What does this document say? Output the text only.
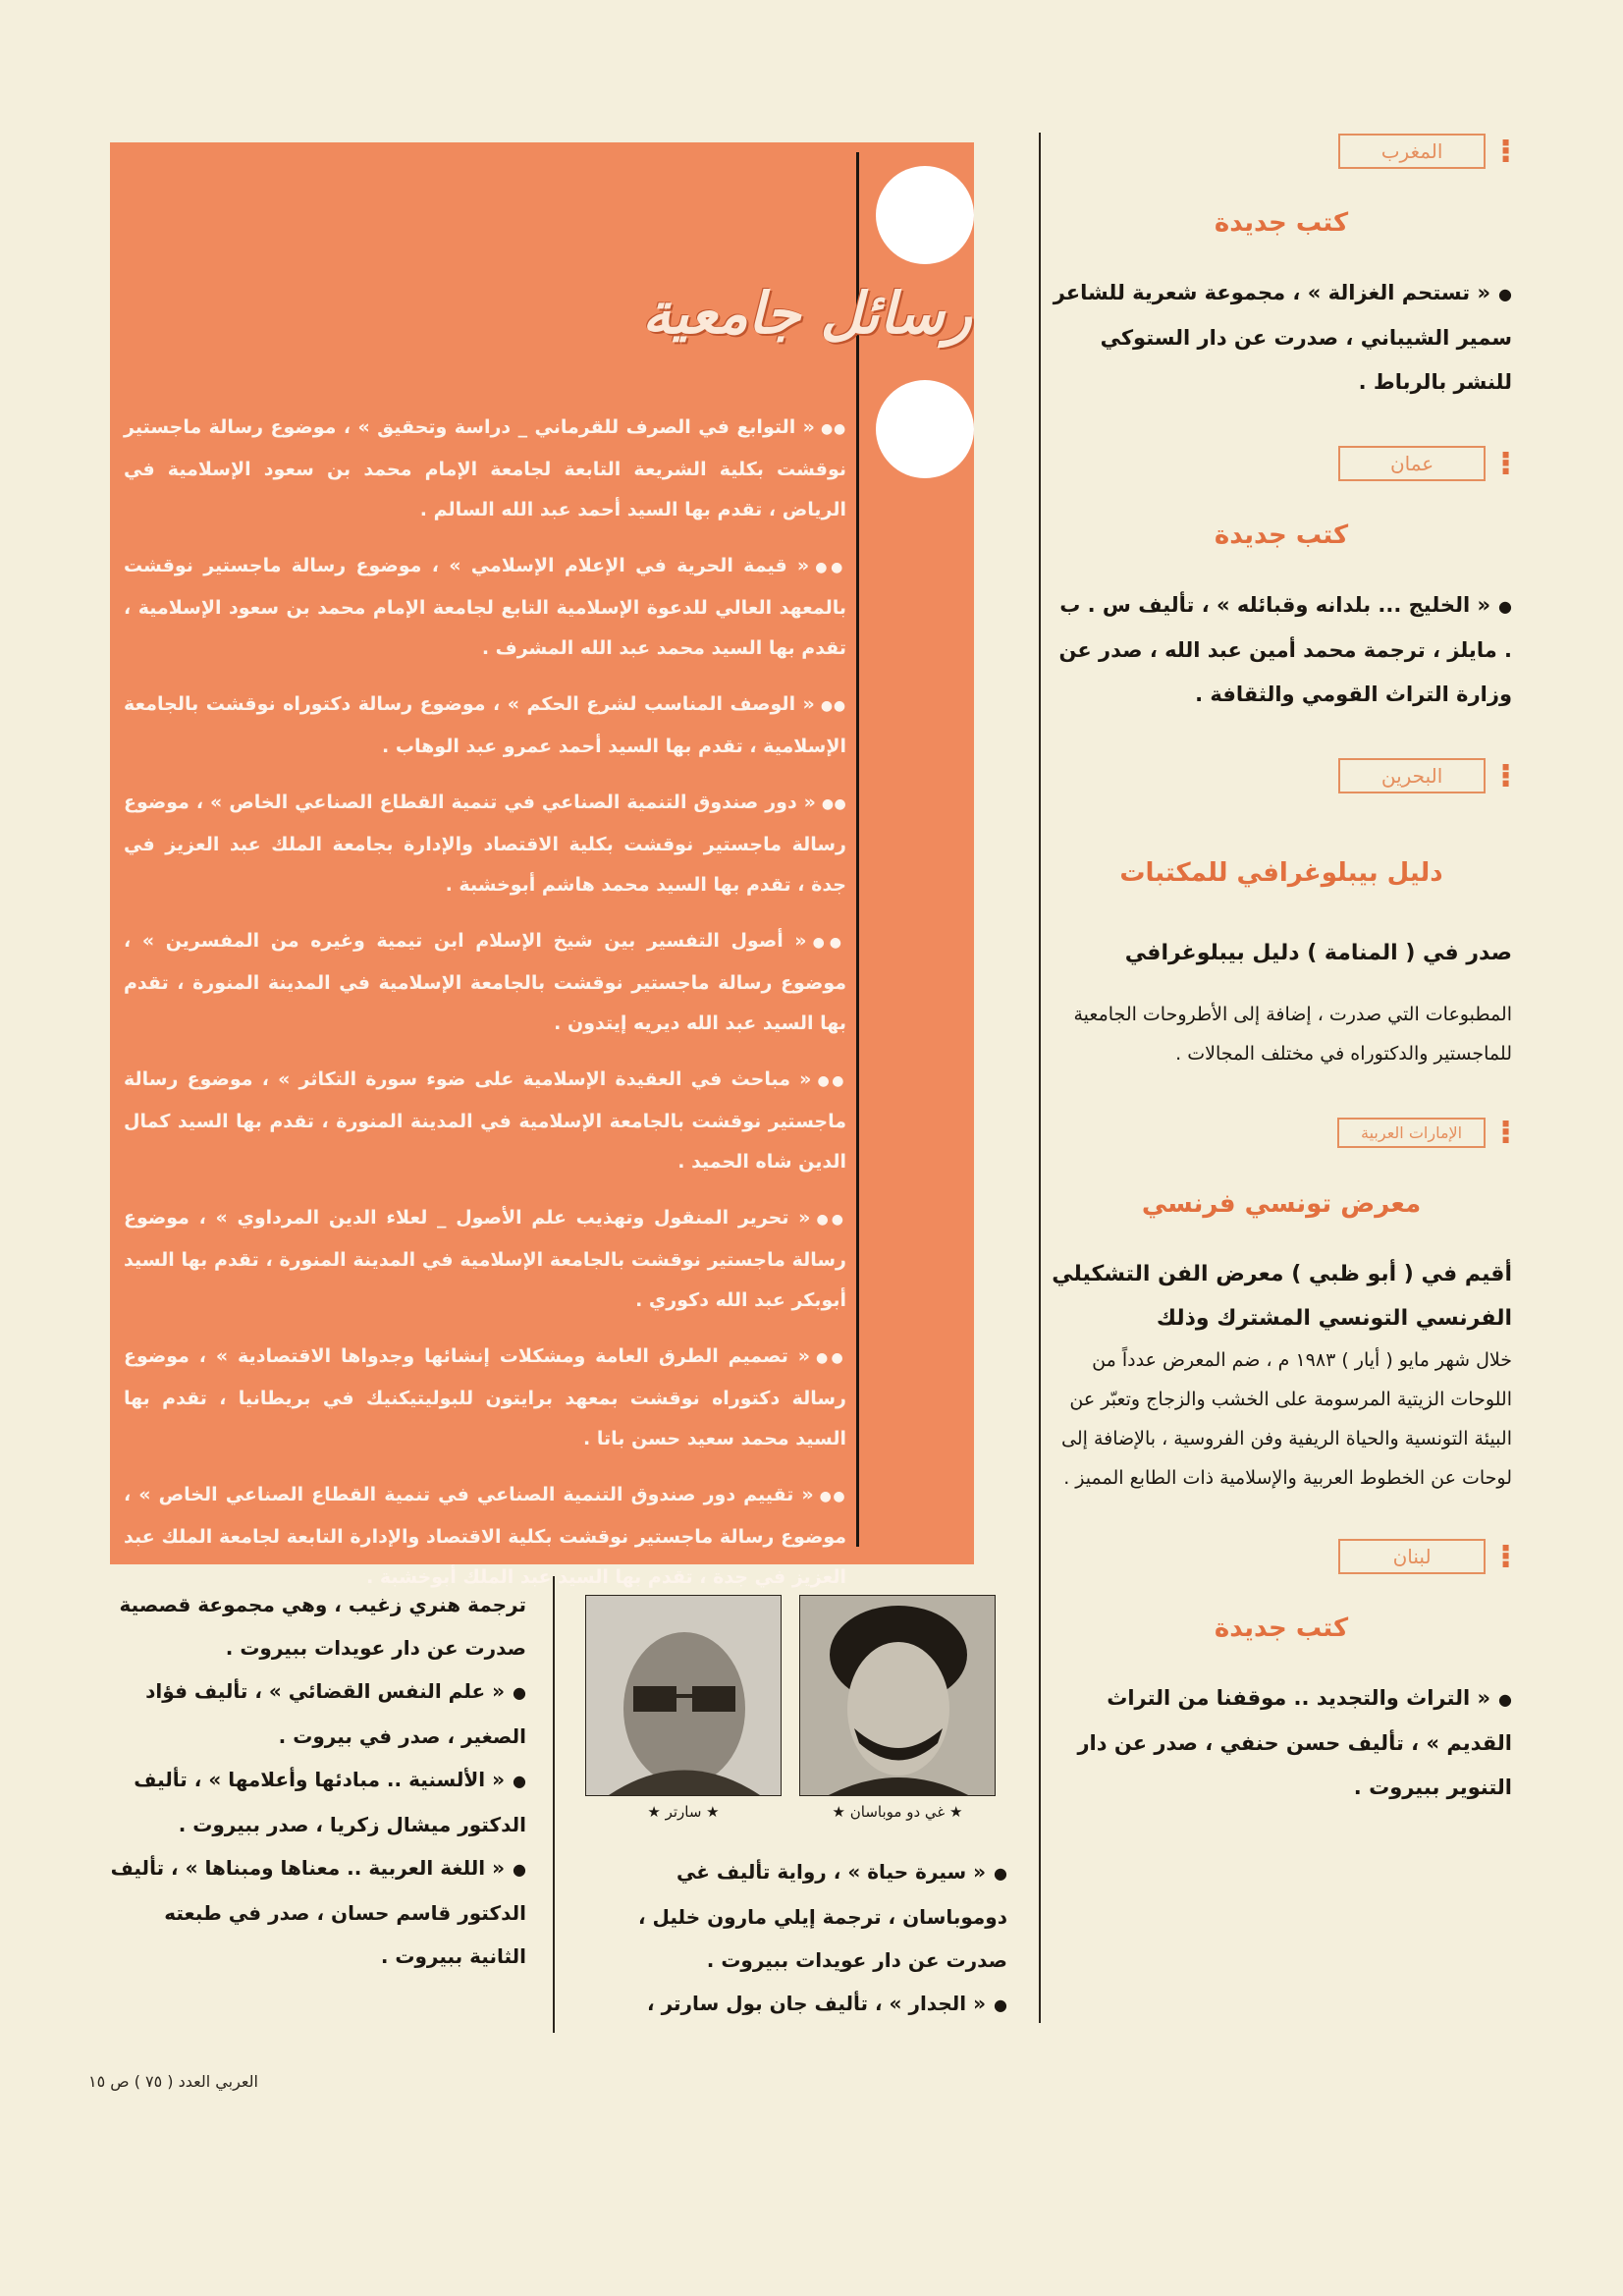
⁝
المغرب
كتب جديدة

●« تستحم الغزالة » ، مجموعة شعرية للشاعر سمير الشيباني ، صدرت عن دار الستوكي للنشر بالرباط .

⁝
عمان
كتب جديدة

●« الخليج ... بلدانه وقبائله » ، تأليف س . ب . مايلز ، ترجمة محمد أمين عبد الله ، صدر عن وزارة التراث القومي والثقافة .

⁝
البحرين
دليل بيبلوغرافي للمكتبات

صدر في ( المنامة ) دليل بيبلوغرافي

المطبوعات التي صدرت ، إضافة إلى الأطروحات الجامعية للماجستير والدكتوراه في مختلف المجالات .

⁝
الإمارات العربية
معرض تونسي فرنسي

أقيم في ( أبو ظبي ) معرض الفن التشكيلي الفرنسي التونسي المشترك وذلك

خلال شهر مايو ( أيار ) ١٩٨٣ م ، ضم المعرض عدداً من اللوحات الزيتية المرسومة على الخشب والزجاج وتعبّر عن البيئة التونسية والحياة الريفية وفن الفروسية ، بالإضافة إلى لوحات عن الخطوط العربية والإسلامية ذات الطابع المميز .

⁝
لبنان
كتب جديدة

●« التراث والتجديد .. موقفنا من التراث القديم » ، تأليف حسن حنفي ، صدر عن دار التنوير ببيروت .

رسائل جامعية

●●« التوابع في الصرف للقرماني _ دراسة وتحقيق » ، موضوع رسالة ماجستير نوقشت بكلية الشريعة التابعة لجامعة الإمام محمد بن سعود الإسلامية في الرياض ، تقدم بها السيد أحمد عبد الله السالم .

●●« قيمة الحرية في الإعلام الإسلامي » ، موضوع رسالة ماجستير نوقشت بالمعهد العالي للدعوة الإسلامية التابع لجامعة الإمام محمد بن سعود الإسلامية ، تقدم بها السيد محمد عبد الله المشرف .

●●« الوصف المناسب لشرع الحكم » ، موضوع رسالة دكتوراه نوقشت بالجامعة الإسلامية ، تقدم بها السيد أحمد عمرو عبد الوهاب .

●●« دور صندوق التنمية الصناعي في تنمية القطاع الصناعي الخاص » ، موضوع رسالة ماجستير نوقشت بكلية الاقتصاد والإدارة بجامعة الملك عبد العزيز في جدة ، تقدم بها السيد محمد هاشم أبوخشبة .

●●« أصول التفسير بين شيخ الإسلام ابن تيمية وغيره من المفسرين » ، موضوع رسالة ماجستير نوقشت بالجامعة الإسلامية في المدينة المنورة ، تقدم بها السيد عبد الله ديريه إيتدون .

●●« مباحث في العقيدة الإسلامية على ضوء سورة التكاثر » ، موضوع رسالة ماجستير نوقشت بالجامعة الإسلامية في المدينة المنورة ، تقدم بها السيد كمال الدين شاه الحميد .

●●« تحرير المنقول وتهذيب علم الأصول _ لعلاء الدين المرداوي » ، موضوع رسالة ماجستير نوقشت بالجامعة الإسلامية في المدينة المنورة ، تقدم بها السيد أبوبكر عبد الله دكوري .

●●« تصميم الطرق العامة ومشكلات إنشائها وجدواها الاقتصادية » ، موضوع رسالة دكتوراه نوقشت بمعهد برايتون للبوليتيكنيك في بريطانيا ، تقدم بها السيد محمد سعيد حسن باتا .

●●« تقييم دور صندوق التنمية الصناعي في تنمية القطاع الصناعي الخاص » ، موضوع رسالة ماجستير نوقشت بكلية الاقتصاد والإدارة التابعة لجامعة الملك عبد العزيز في جدة ، تقدم بها السيد عبد الملك أبوخشبة .

★ سارتر ★	★ غي دو موباسان ★

●« سيرة حياة » ، رواية تأليف غي دوموباسان ، ترجمة إيلي مارون خليل ، صدرت عن دار عويدات ببيروت .

●« الجدار » ، تأليف جان بول سارتر ،

ترجمة هنري زغيب ، وهي مجموعة قصصية صدرت عن دار عويدات ببيروت .

●« علم النفس القضائي » ، تأليف فؤاد الصغير ، صدر في بيروت .

●« الألسنية .. مبادئها وأعلامها » ، تأليف الدكتور ميشال زكريا ، صدر ببيروت .

●« اللغة العربية .. معناها ومبناها » ، تأليف الدكتور قاسم حسان ، صدر في طبعته الثانية ببيروت .

العربي العدد ( ٧٥ ) ص ١٥
